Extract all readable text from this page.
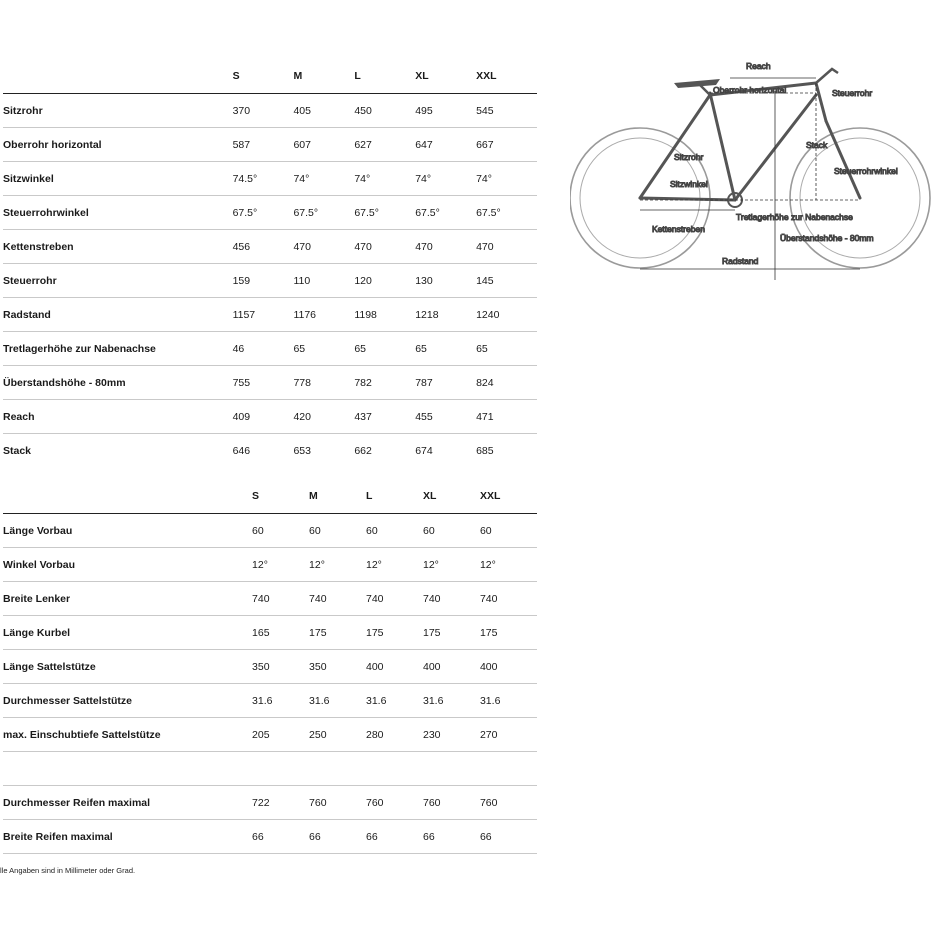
	S	M	L	XL	XXL
Sitzrohr	370	405	450	495	545
Oberrohr horizontal	587	607	627	647	667
Sitzwinkel	74.5°	74°	74°	74°	74°
Steuerrohrwinkel	67.5°	67.5°	67.5°	67.5°	67.5°
Kettenstreben	456	470	470	470	470
Steuerrohr	159	110	120	130	145
Radstand	1157	1176	1198	1218	1240
Tretlagerhöhe zur Nabenachse	46	65	65	65	65
Überstandshöhe - 80mm	755	778	782	787	824
Reach	409	420	437	455	471
Stack	646	653	662	674	685
	S	M	L	XL	XXL
Länge Vorbau	60	60	60	60	60
Winkel Vorbau	12°	12°	12°	12°	12°
Breite Lenker	740	740	740	740	740
Länge Kurbel	165	175	175	175	175
Länge Sattelstütze	350	350	400	400	400
Durchmesser Sattelstütze	31.6	31.6	31.6	31.6	31.6
max. Einschubtiefe Sattelstütze	205	250	280	230	270

Durchmesser Reifen maximal	722	760	760	760	760
Breite Reifen maximal	66	66	66	66	66
lle Angaben sind in Millimeter oder Grad.
Reach
Oberrohr horizontal	Steuerrohr
Sitzrohr
Stack
Sitzwinkel
Steuerrohrwinkel
Kettenstreben
Tretlagerhöhe zur Nabenachse
Überstandshöhe - 80mm
Radstand
